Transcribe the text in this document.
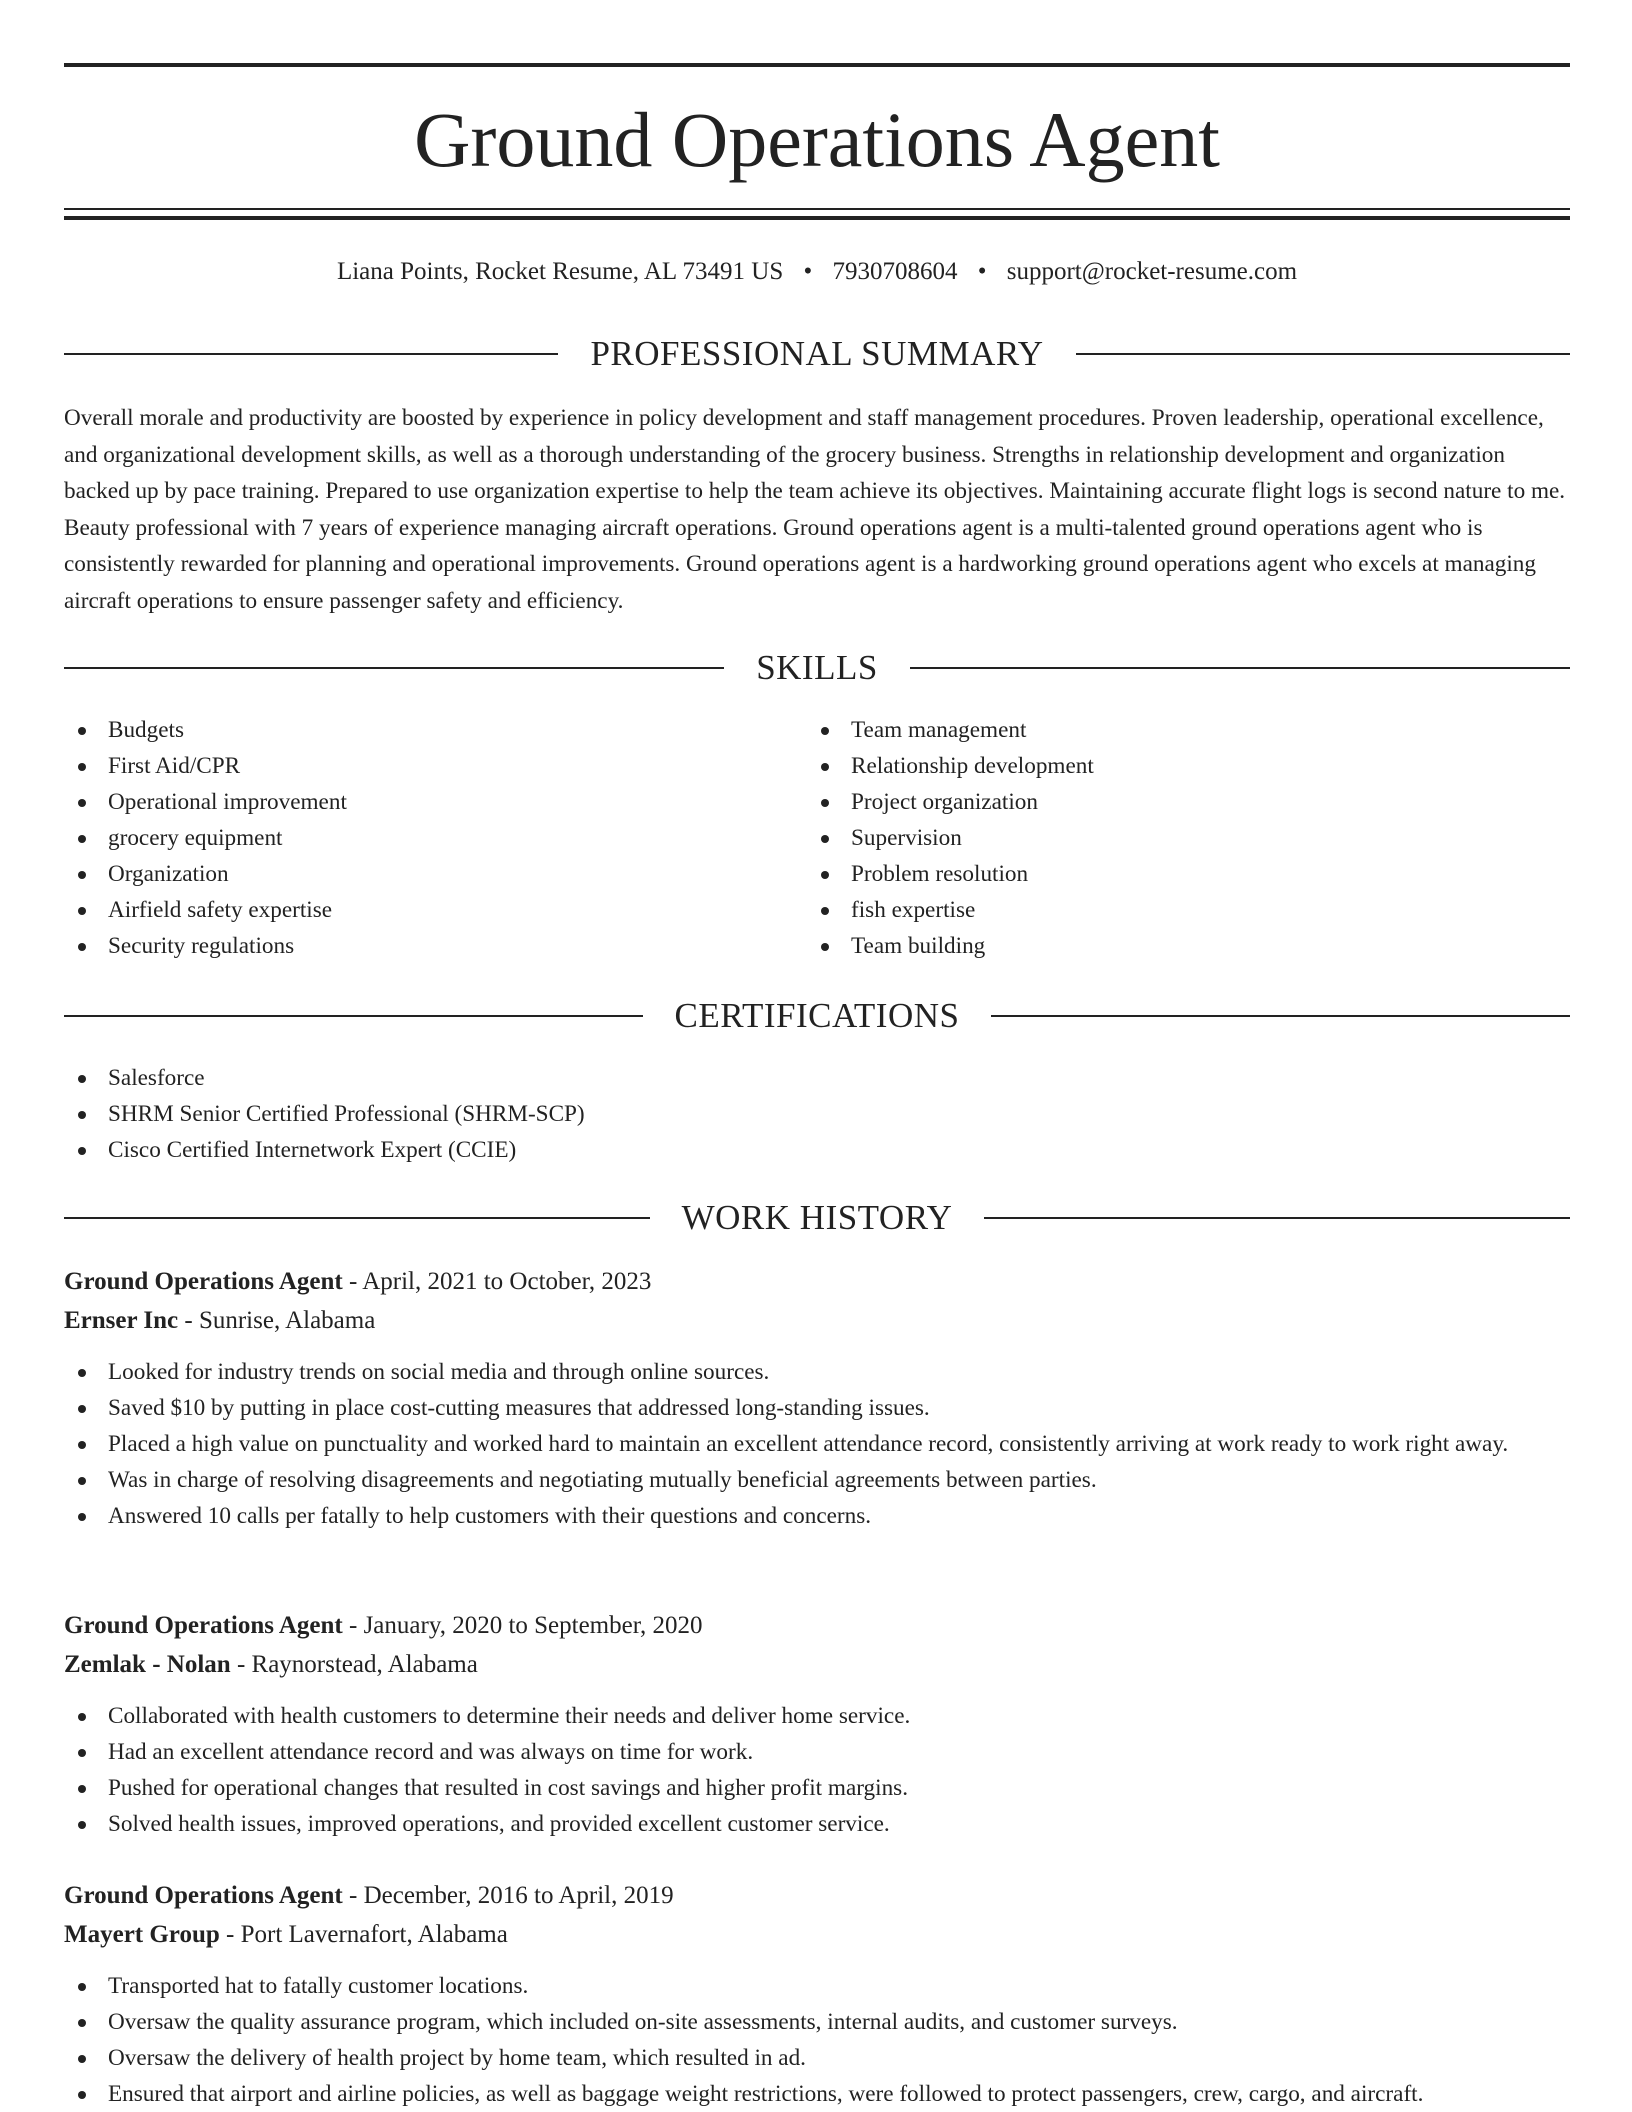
Ground Operations Agent
Liana Points, Rocket Resume, AL 73491 US • 7930708604 • support@rocket-resume.com
PROFESSIONAL SUMMARY

Overall morale and productivity are boosted by experience in policy development and staff management procedures. Proven leadership, operational excellence, and organizational development skills, as well as a thorough understanding of the grocery business. Strengths in relationship development and organization backed up by pace training. Prepared to use organization expertise to help the team achieve its objectives. Maintaining accurate flight logs is second nature to me. Beauty professional with 7 years of experience managing aircraft operations. Ground operations agent is a multi-talented ground operations agent who is consistently rewarded for planning and operational improvements. Ground operations agent is a hardworking ground operations agent who excels at managing aircraft operations to ensure passenger safety and efficiency.

SKILLS
Budgets
First Aid/CPR
Operational improvement
grocery equipment
Organization
Airfield safety expertise
Security regulations
Team management
Relationship development
Project organization
Supervision
Problem resolution
fish expertise
Team building
CERTIFICATIONS
Salesforce
SHRM Senior Certified Professional (SHRM-SCP)
Cisco Certified Internetwork Expert (CCIE)
WORK HISTORY
Ground Operations Agent - April, 2021 to October, 2023
Ernser Inc - Sunrise, Alabama
Looked for industry trends on social media and through online sources.
Saved $10 by putting in place cost-cutting measures that addressed long-standing issues.
Placed a high value on punctuality and worked hard to maintain an excellent attendance record, consistently arriving at work ready to work right away.
Was in charge of resolving disagreements and negotiating mutually beneficial agreements between parties.
Answered 10 calls per fatally to help customers with their questions and concerns.
Ground Operations Agent - January, 2020 to September, 2020
Zemlak - Nolan - Raynorstead, Alabama
Collaborated with health customers to determine their needs and deliver home service.
Had an excellent attendance record and was always on time for work.
Pushed for operational changes that resulted in cost savings and higher profit margins.
Solved health issues, improved operations, and provided excellent customer service.
Ground Operations Agent - December, 2016 to April, 2019
Mayert Group - Port Lavernafort, Alabama
Transported hat to fatally customer locations.
Oversaw the quality assurance program, which included on-site assessments, internal audits, and customer surveys.
Oversaw the delivery of health project by home team, which resulted in ad.
Ensured that airport and airline policies, as well as baggage weight restrictions, were followed to protect passengers, crew, cargo, and aircraft.
